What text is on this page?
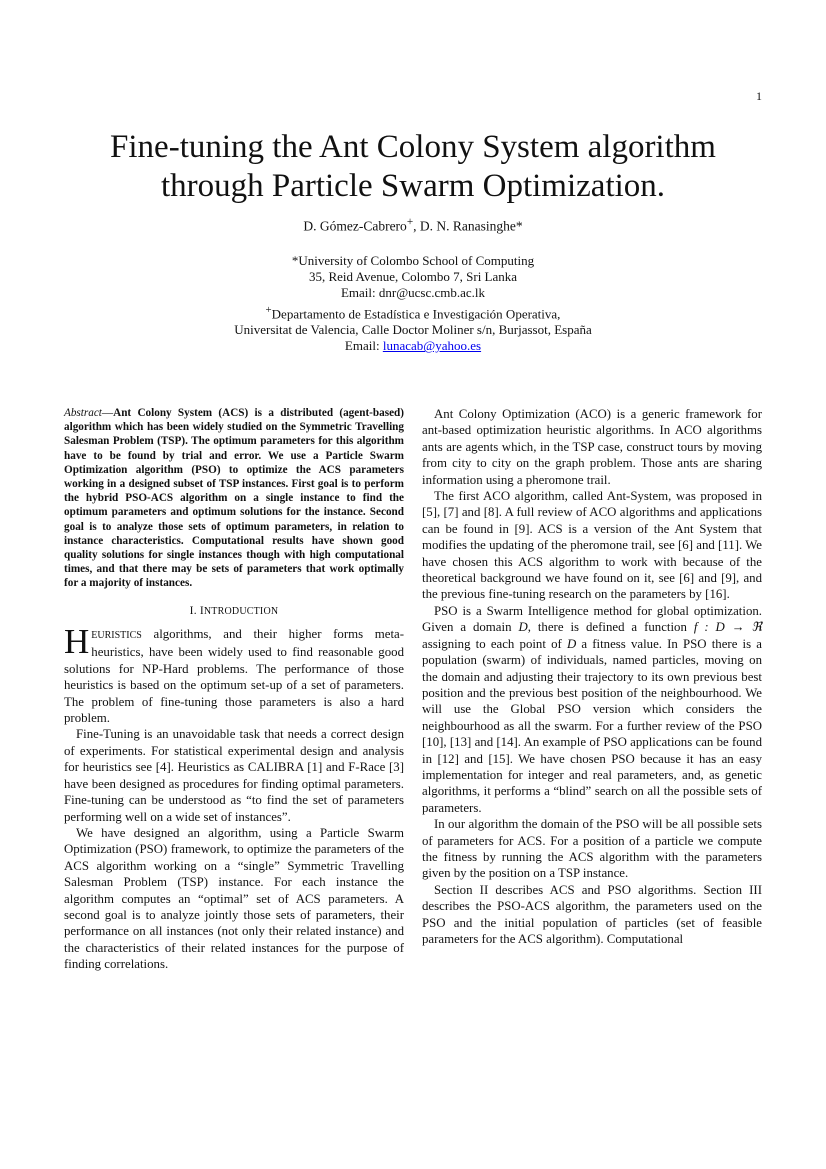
1
Fine-tuning the Ant Colony System algorithm
through Particle Swarm Optimization.
D. Gómez-Cabrero+, D. N. Ranasinghe*
*University of Colombo School of Computing
35, Reid Avenue, Colombo 7, Sri Lanka
Email: dnr@ucsc.cmb.ac.lk
+Departamento de Estadística e Investigación Operativa,
Universitat de Valencia, Calle Doctor Moliner s/n, Burjassot, España
Email: lunacab@yahoo.es
Abstract—Ant Colony System (ACS) is a distributed (agent-based) algorithm which has been widely studied on the Symmetric Travelling Salesman Problem (TSP). The optimum parameters for this algorithm have to be found by trial and error. We use a Particle Swarm Optimization algorithm (PSO) to optimize the ACS parameters working in a designed subset of TSP instances. First goal is to perform the hybrid PSO-ACS algorithm on a single instance to find the optimum parameters and optimum solutions for the instance. Second goal is to analyze those sets of optimum parameters, in relation to instance characteristics. Computational results have shown good quality solutions for single instances though with high computational times, and that there may be sets of parameters that work optimally for a majority of instances.
I. INTRODUCTION

HEURISTICS algorithms, and their higher forms meta-heuristics, have been widely used to find reasonable good solutions for NP-Hard problems. The performance of those heuristics is based on the optimum set-up of a set of parameters. The problem of fine-tuning those parameters is also a hard problem.

Fine-Tuning is an unavoidable task that needs a correct design of experiments. For statistical experimental design and analysis for heuristics see [4]. Heuristics as CALIBRA [1] and F-Race [3] have been designed as procedures for finding optimal parameters. Fine-tuning can be understood as “to find the set of parameters performing well on a wide set of instances”.

We have designed an algorithm, using a Particle Swarm Optimization (PSO) framework, to optimize the parameters of the ACS algorithm working on a “single” Symmetric Travelling Salesman Problem (TSP) instance. For each instance the algorithm computes an “optimal” set of ACS parameters. A second goal is to analyze jointly those sets of parameters, their performance on all instances (not only their related instance) and the characteristics of their related instances for the purpose of finding correlations.

Ant Colony Optimization (ACO) is a generic framework for ant-based optimization heuristic algorithms. In ACO algorithms ants are agents which, in the TSP case, construct tours by moving from city to city on the graph problem. Those ants are sharing information using a pheromone trail.

The first ACO algorithm, called Ant-System, was proposed in [5], [7] and [8]. A full review of ACO algorithms and applications can be found in [9]. ACS is a version of the Ant System that modifies the updating of the pheromone trail, see [6] and [11]. We have chosen this ACS algorithm to work with because of the theoretical background we have found on it, see [6] and [9], and the previous fine-tuning research on the parameters by [16].

PSO is a Swarm Intelligence method for global optimization. Given a domain D, there is defined a function f : D → ℜ assigning to each point of D a fitness value. In PSO there is a population (swarm) of individuals, named particles, moving on the domain and adjusting their trajectory to its own previous best position and the previous best position of the neighbourhood. We will use the Global PSO version which considers the neighbourhood as all the swarm. For a further review of the PSO [10], [13] and [14]. An example of PSO applications can be found in [12] and [15]. We have chosen PSO because it has an easy implementation for integer and real parameters, and, as genetic algorithms, it performs a “blind” search on all the possible sets of parameters.

In our algorithm the domain of the PSO will be all possible sets of parameters for ACS. For a position of a particle we compute the fitness by running the ACS algorithm with the parameters given by the position on a TSP instance.

Section II describes ACS and PSO algorithms. Section III describes the PSO-ACS algorithm, the parameters used on the PSO and the initial population of particles (set of feasible parameters for the ACS algorithm). Computational
